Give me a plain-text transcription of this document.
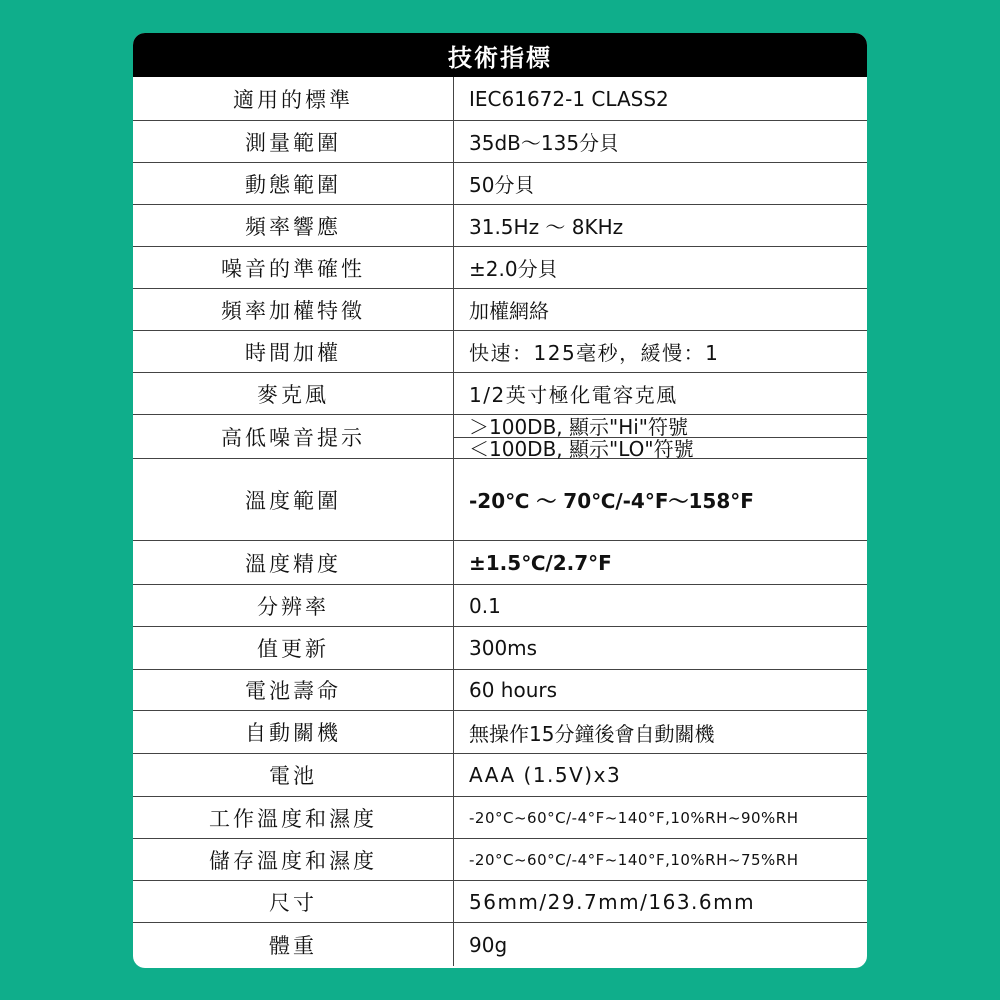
技術指標
適用的標準	IEC61672-1 CLASS2
測量範圍	35dB～135分貝
動態範圍	50分貝
頻率響應	31.5Hz ～ 8KHz
噪音的準確性	±2.0分貝
頻率加權特徵	加權網絡
時間加權	快速：125毫秒，緩慢：1
麥克風	1/2英寸極化電容克風
高低噪音提示	＞100DB, 顯示"Hi"符號
＜100DB, 顯示"LO"符號
溫度範圍	-20℃ ～ 70℃/-4°F～158°F
溫度精度	±1.5℃/2.7°F
分辨率	0.1
值更新	300ms
電池壽命	60 hours
自動關機	無操作15分鐘後會自動關機
電池	AAA (1.5V)x3
工作溫度和濕度	-20°C~60°C/-4°F~140°F,10%RH~90%RH
儲存溫度和濕度	-20°C~60°C/-4°F~140°F,10%RH~75%RH
尺寸	56mm/29.7mm/163.6mm
體重	90g
